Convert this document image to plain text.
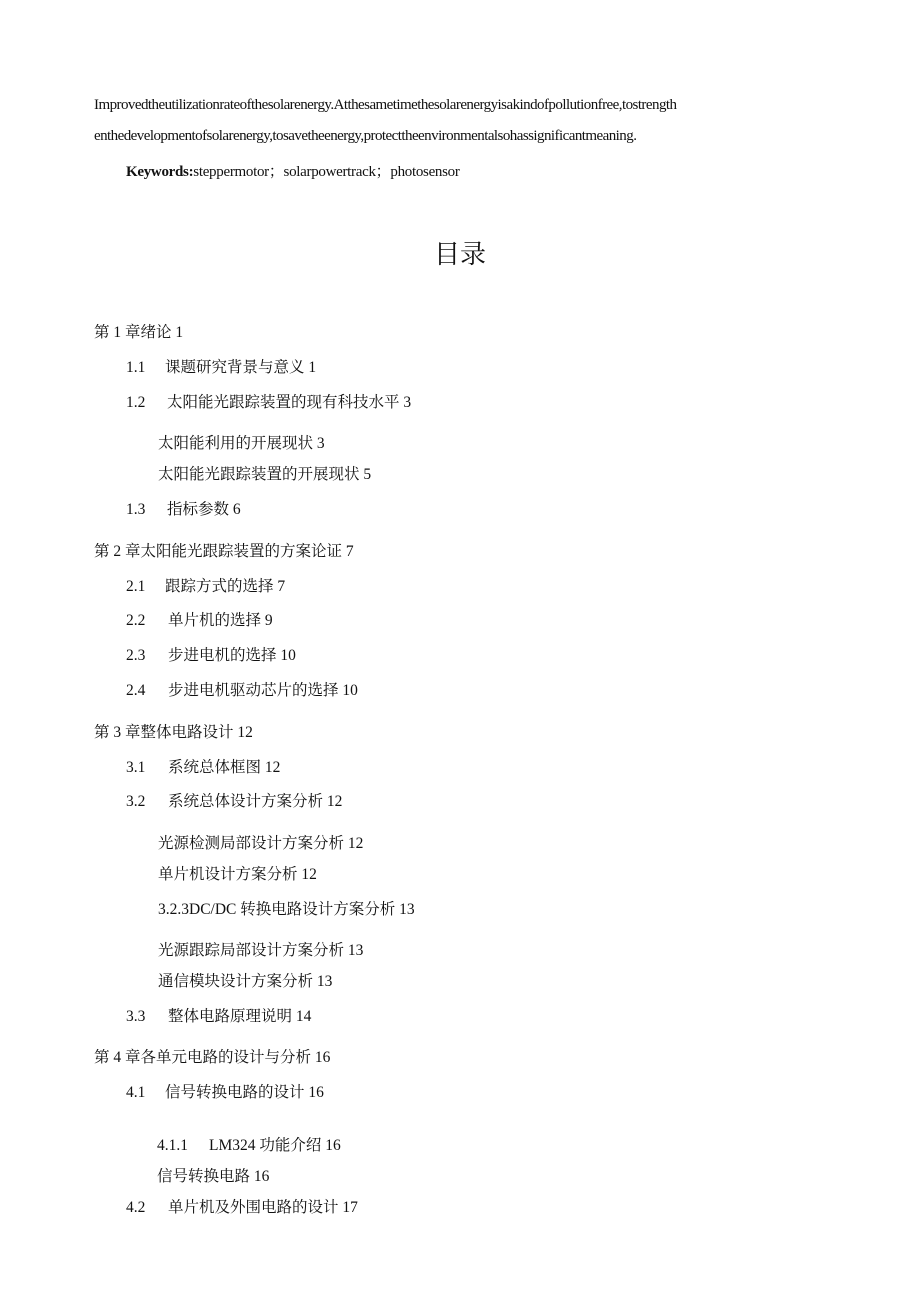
Improvedtheutilizationrateofthesolarenergy.Atthesametimethesolarenergyisakindofpollutionfree,tostrength
enthedevelopmentofsolarenergy,tosavetheenergy,protecttheenvironmentalsohassignificantmeaning.
Keywords:steppermotor；solarpowertrack；photosensor
目录
第 1 章绪论 1
1.1 课题研究背景与意义 1
1.2 太阳能光跟踪装置的现有科技水平 3
太阳能利用的开展现状 3
太阳能光跟踪装置的开展现状 5
1.3 指标参数 6
第 2 章太阳能光跟踪装置的方案论证 7
2.1 跟踪方式的选择 7
2.2 单片机的选择 9
2.3 步进电机的选择 10
2.4 步进电机驱动芯片的选择 10
第 3 章整体电路设计 12
3.1 系统总体框图 12
3.2 系统总体设计方案分析 12
光源检测局部设计方案分析 12
单片机设计方案分析 12
3.2.3DC/DC 转换电路设计方案分析 13
光源跟踪局部设计方案分析 13
通信模块设计方案分析 13
3.3 整体电路原理说明 14
第 4 章各单元电路的设计与分析 16
4.1 信号转换电路的设计 16
4.1.1 LM324 功能介绍 16
信号转换电路 16
4.2 单片机及外围电路的设计 17
